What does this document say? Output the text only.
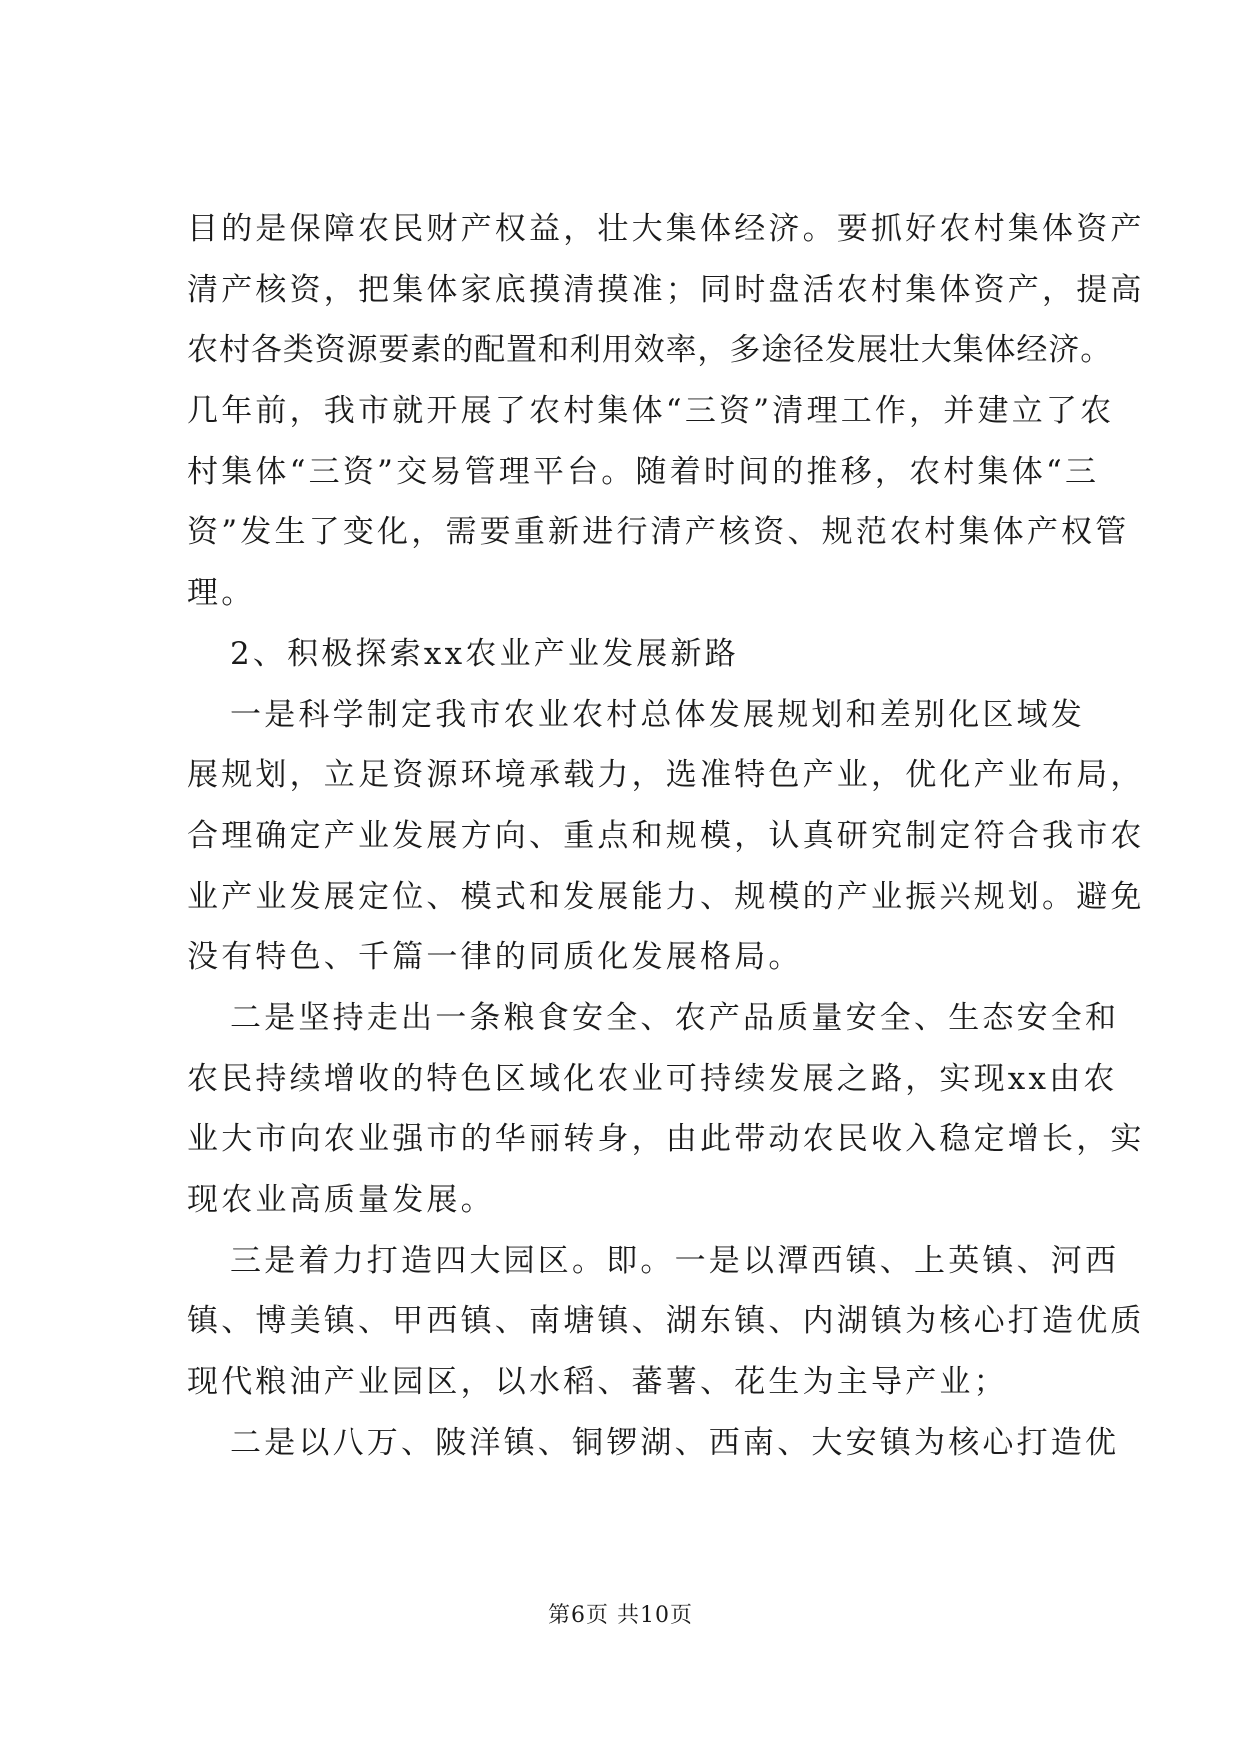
目的是保障农民财产权益，壮大集体经济。要抓好农村集体资产
清产核资，把集体家底摸清摸准；同时盘活农村集体资产，提高
农村各类资源要素的配置和利用效率，多途径发展壮大集体经济。
几年前，我市就开展了农村集体“三资”清理工作，并建立了农
村集体“三资”交易管理平台。随着时间的推移，农村集体“三
资”发生了变化，需要重新进行清产核资、规范农村集体产权管
理。
2、积极探索xx农业产业发展新路
一是科学制定我市农业农村总体发展规划和差别化区域发
展规划，立足资源环境承载力，选准特色产业，优化产业布局，
合理确定产业发展方向、重点和规模，认真研究制定符合我市农
业产业发展定位、模式和发展能力、规模的产业振兴规划。避免
没有特色、千篇一律的同质化发展格局。
二是坚持走出一条粮食安全、农产品质量安全、生态安全和
农民持续增收的特色区域化农业可持续发展之路，实现xx由农
业大市向农业强市的华丽转身，由此带动农民收入稳定增长，实
现农业高质量发展。
三是着力打造四大园区。即。一是以潭西镇、上英镇、河西
镇、博美镇、甲西镇、南塘镇、湖东镇、内湖镇为核心打造优质
现代粮油产业园区，以水稻、蕃薯、花生为主导产业；
二是以八万、陂洋镇、铜锣湖、西南、大安镇为核心打造优
第6页 共10页
